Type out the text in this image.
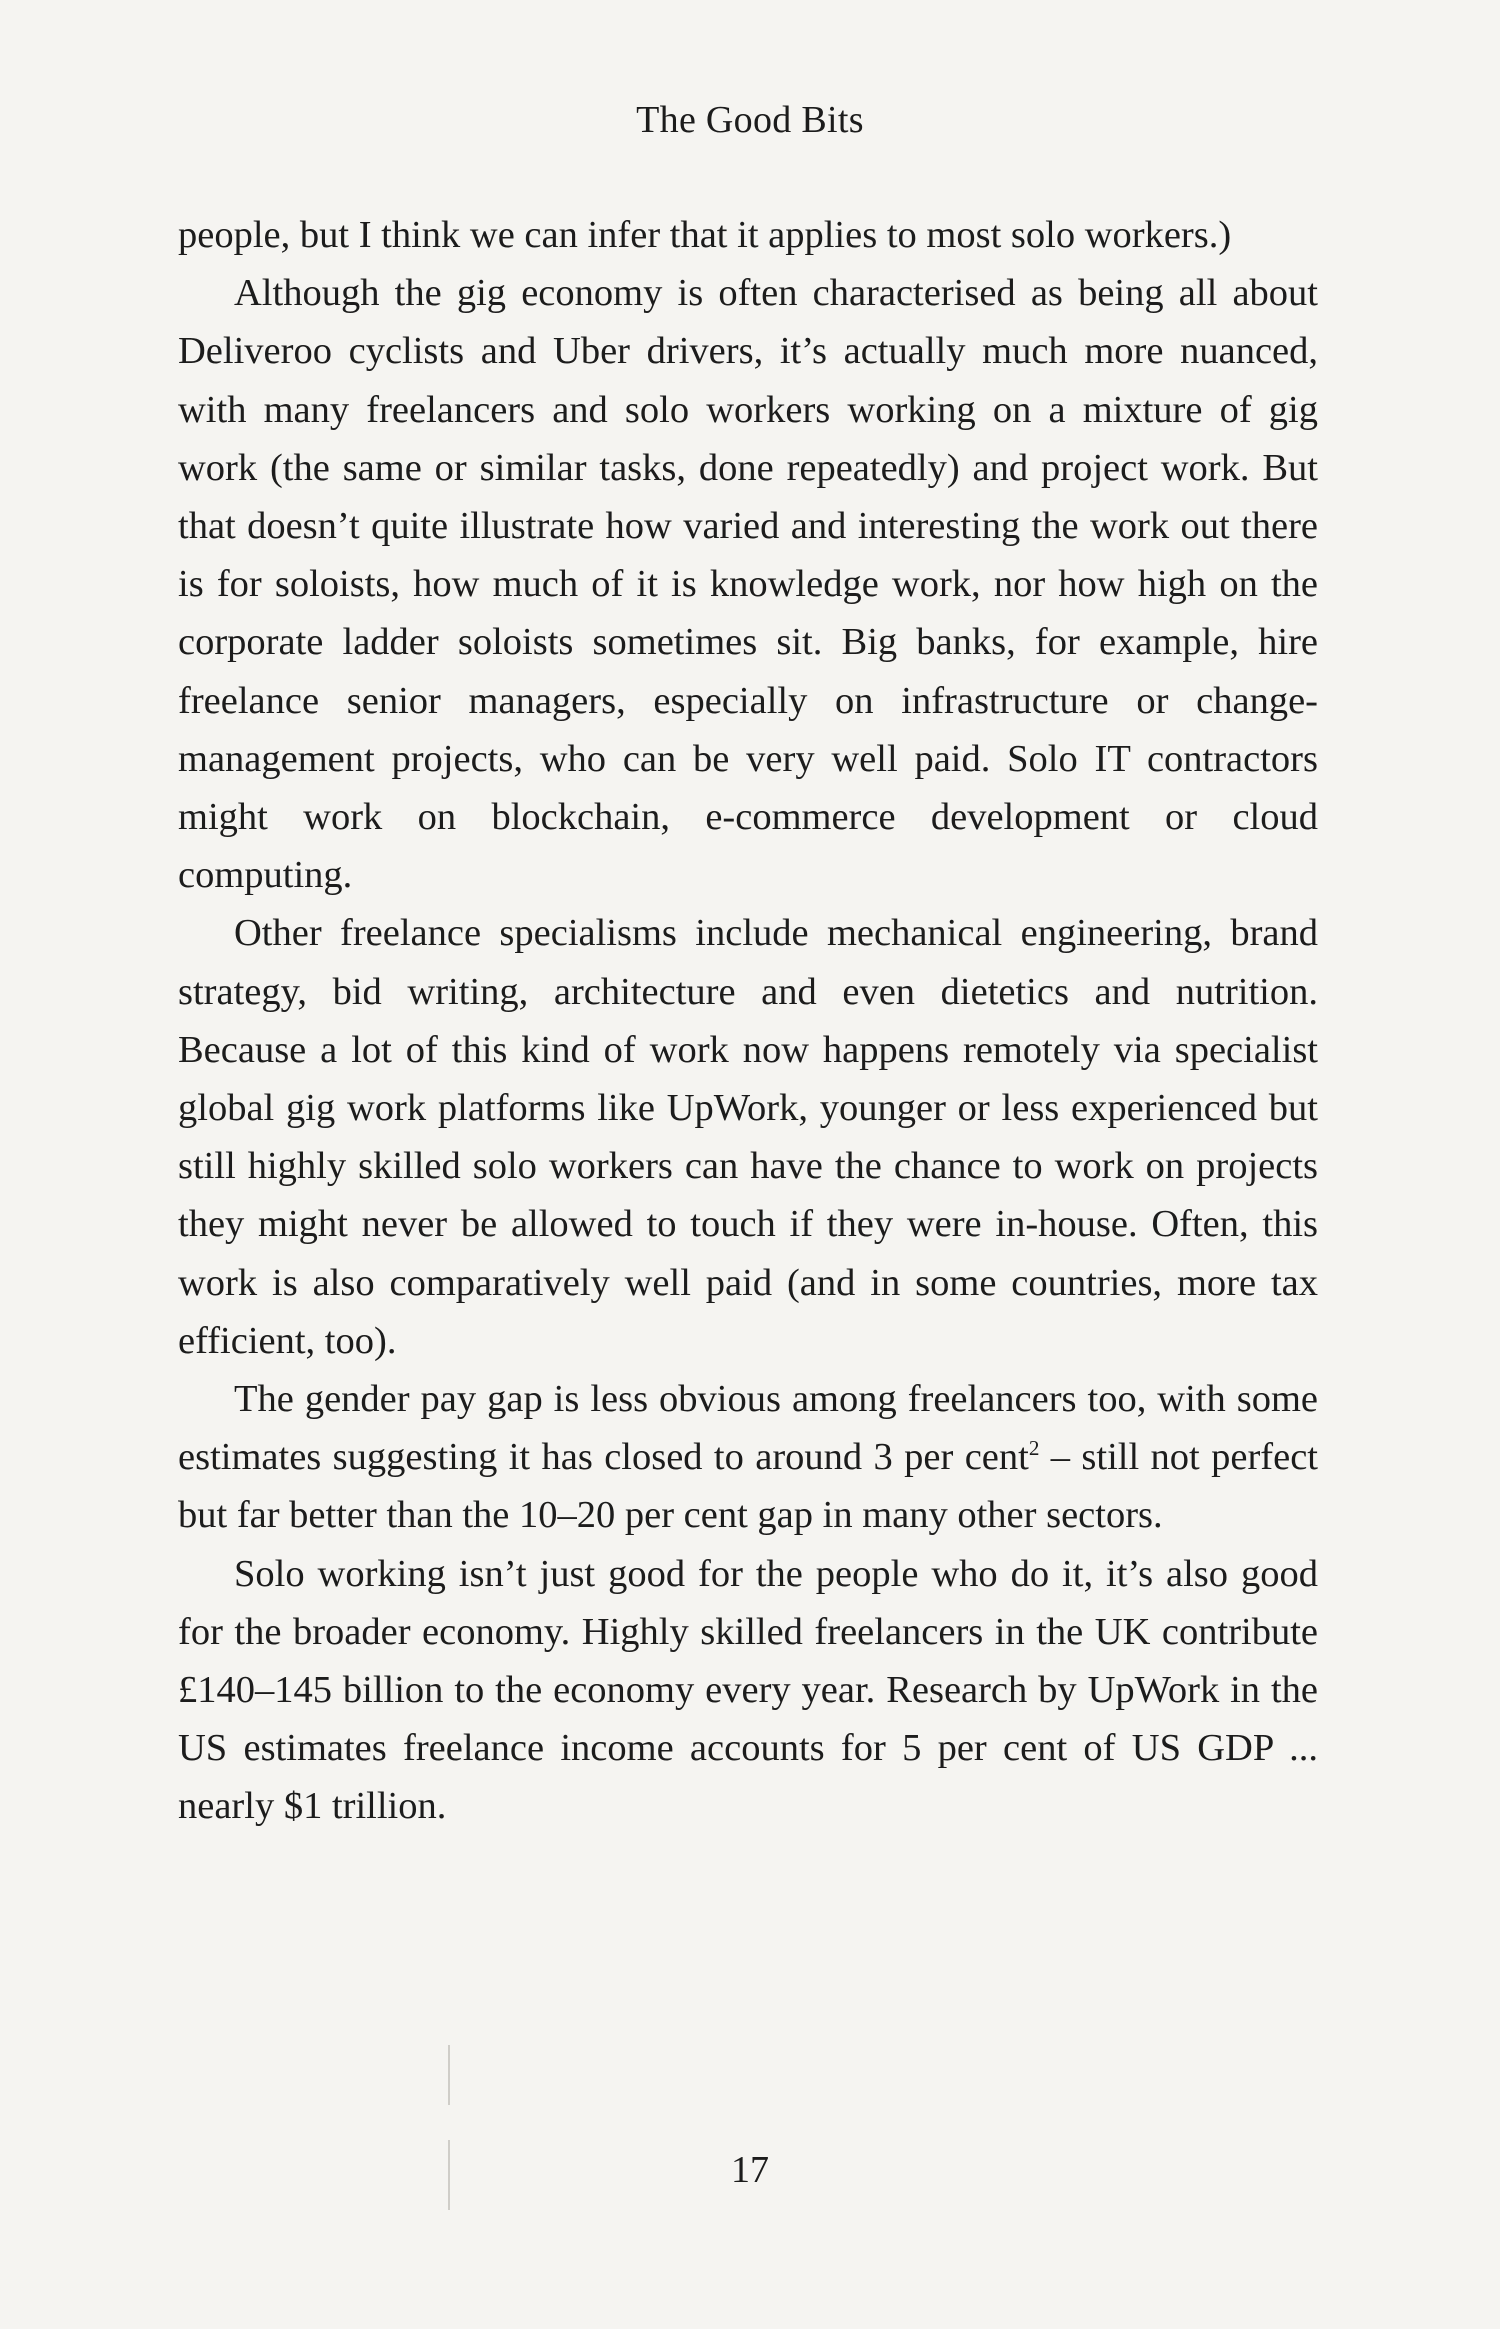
The Good Bits

people, but I think we can infer that it applies to most solo workers.)

Although the gig economy is often characterised as being all about Deliveroo cyclists and Uber drivers, it’s actually much more nuanced, with many freelancers and solo workers working on a mixture of gig work (the same or similar tasks, done repeatedly) and project work. But that doesn’t quite illustrate how varied and interesting the work out there is for soloists, how much of it is knowledge work, nor how high on the corporate ladder soloists sometimes sit. Big banks, for example, hire freelance senior managers, especially on infrastructure or change-management projects, who can be very well paid. Solo IT contractors might work on blockchain, e-commerce development or cloud computing.

Other freelance specialisms include mechanical engineering, brand strategy, bid writing, architecture and even dietetics and nutrition. Because a lot of this kind of work now happens remotely via specialist global gig work platforms like UpWork, younger or less experienced but still highly skilled solo workers can have the chance to work on projects they might never be allowed to touch if they were in-house. Often, this work is also comparatively well paid (and in some countries, more tax efficient, too).

The gender pay gap is less obvious among freelancers too, with some estimates suggesting it has closed to around 3 per cent$^2$ – still not perfect but far better than the 10–20 per cent gap in many other sectors.

Solo working isn’t just good for the people who do it, it’s also good for the broader economy. Highly skilled freelancers in the UK contribute £140–145 billion to the economy every year. Research by UpWork in the US estimates freelance income accounts for 5 per cent of US GDP ... nearly $1 trillion.

17
